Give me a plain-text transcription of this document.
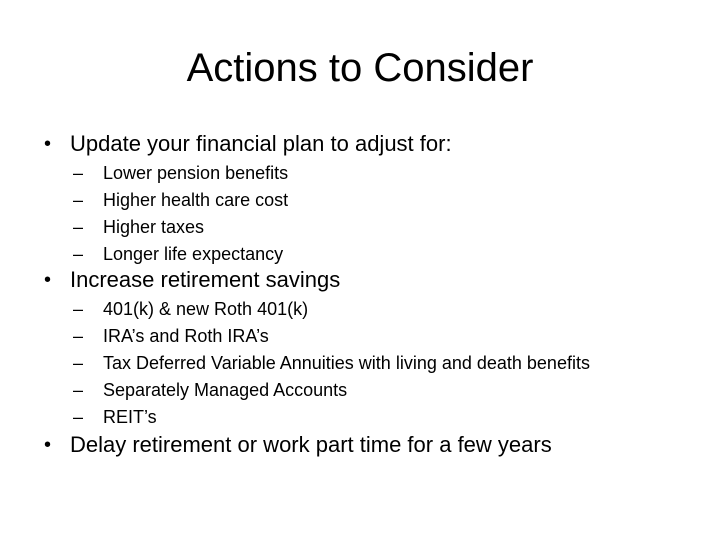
Actions to Consider
• Update your financial plan to adjust for:
– Lower pension benefits
– Higher health care cost
– Higher taxes
– Longer life expectancy
• Increase retirement savings
– 401(k) & new Roth 401(k)
– IRA’s and Roth IRA’s
– Tax Deferred Variable Annuities with living and death benefits
– Separately Managed Accounts
– REIT’s
• Delay retirement or work part time for a few years
